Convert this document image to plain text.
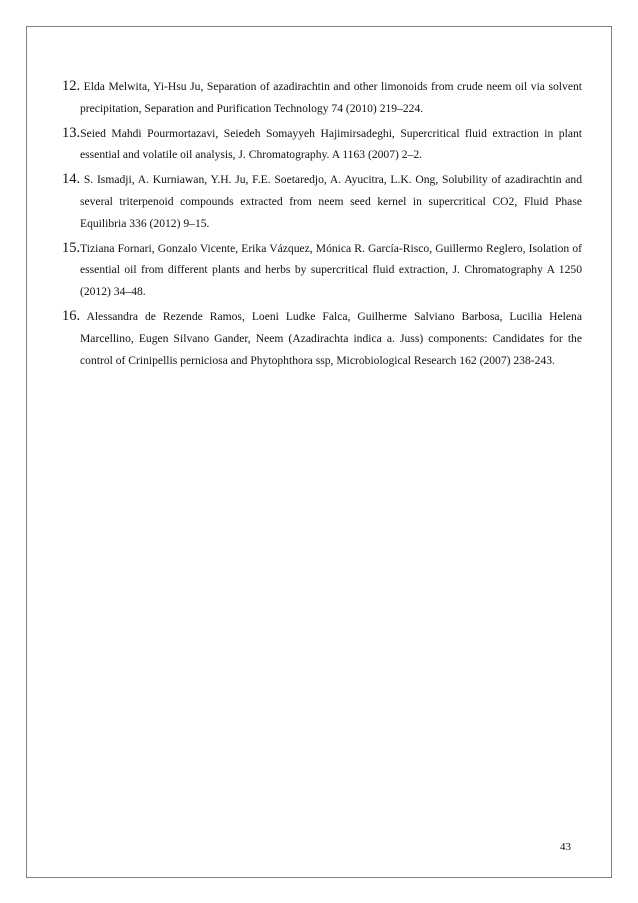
12. Elda Melwita, Yi-Hsu Ju, Separation of azadirachtin and other limonoids from crude neem oil via solvent precipitation, Separation and Purification Technology 74 (2010) 219–224.
13.Seied Mahdi Pourmortazavi, Seiedeh Somayyeh Hajimirsadeghi, Supercritical fluid extraction in plant essential and volatile oil analysis, J. Chromatography. A 1163 (2007) 2–2.
14. S. Ismadji, A. Kurniawan, Y.H. Ju, F.E. Soetaredjo, A. Ayucitra, L.K. Ong, Solubility of azadirachtin and several triterpenoid compounds extracted from neem seed kernel in supercritical CO2, Fluid Phase Equilibria 336 (2012) 9–15.
15.Tiziana Fornari, Gonzalo Vicente, Erika Vázquez, Mónica R. García-Risco, Guillermo Reglero, Isolation of essential oil from different plants and herbs by supercritical fluid extraction, J. Chromatography A 1250 (2012) 34–48.
16. Alessandra de Rezende Ramos, Loeni Ludke Falca, Guilherme Salviano Barbosa, Lucilia Helena Marcellino, Eugen Silvano Gander, Neem (Azadirachta indica a. Juss) components: Candidates for the control of Crinipellis perniciosa and Phytophthora ssp, Microbiological Research 162 (2007) 238-243.
43
